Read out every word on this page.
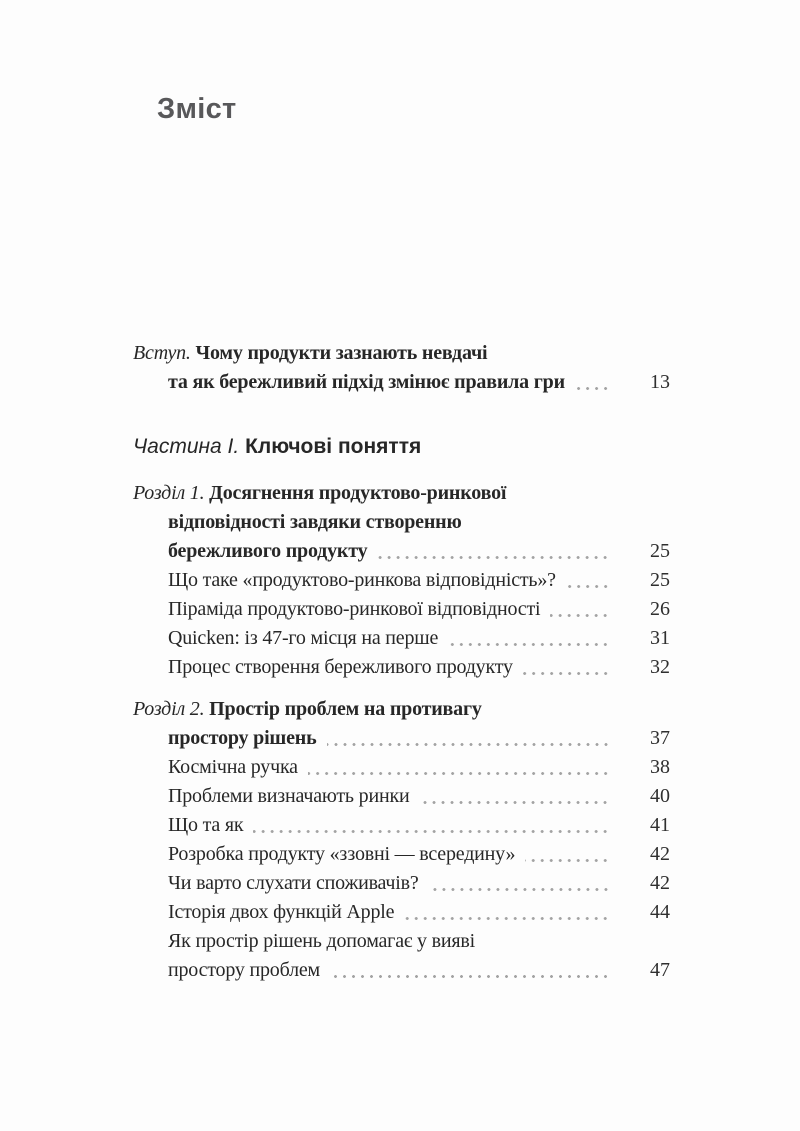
Зміст
Вступ. Чому продукти зазнають невдачі
та як бережливий підхід змінює правила гри	13
Частина І. Ключові поняття
Розділ 1. Досягнення продуктово-ринкової
відповідності завдяки створенню
бережливого продукту	25
Що таке «продуктово-ринкова відповідність»?	25
Піраміда продуктово-ринкової відповідності	26
Quicken: із 47-го місця на перше	31
Процес створення бережливого продукту	32
Розділ 2. Простір проблем на противагу
простору рішень	37
Космічна ручка	38
Проблеми визначають ринки	40
Що та як	41
Розробка продукту «ззовні — всередину»	42
Чи варто слухати споживачів?	42
Історія двох функцій Apple	44
Як простір рішень допомагає у вияві
простору проблем	47
